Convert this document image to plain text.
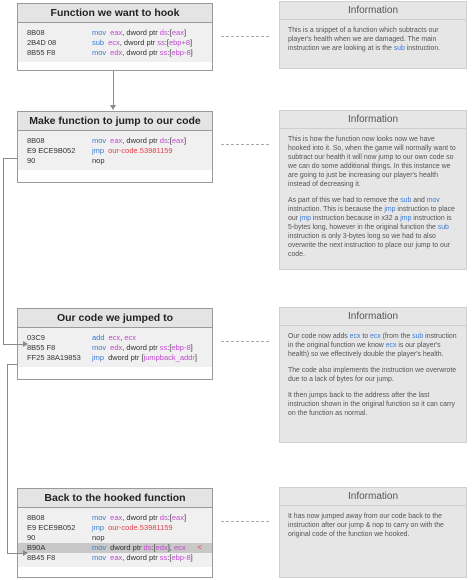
Function we want to hook
8B08	mov eax, dword ptr ds:[eax]
2B4D 08	sub ecx, dword ptr ss:[ebp+8]
8B55 F8	mov edx, dword ptr ss:[ebp-8]
Make function to jump to our code
8B08	mov eax, dword ptr ds:[eax]
E9 ECE9B052	jmp our-code.53981159
90	nop
Our code we jumped to
03C9	add ecx, ecx
8B55 F8	mov edx, dword ptr ss:[ebp-8]
FF25 38A19853	jmp dword ptr [jumpback_addr]
Back to the hooked function
8B08	mov eax, dword ptr ds:[eax]
E9 ECE9B052	jmp our-code.53981159
90	nop
B90A	mov dword ptr ds:[edx], ecx <
8B45 F8	mov eax, dword ptr ss:[ebp-8]
Information

This is a snippet of a function which subtracts our player's health when we are damaged. The main instruction we are looking at is the sub instruction.

Information

This is how the function now looks now we have hooked into it. So, when the game will normally want to subtract our health it will now jump to our own code so we can do some additional things. In this instance we are going to just be increasing our player's health instead of decreasing it.

As part of this we had to remove the sub and mov instruction. This is because the jmp instruction to place our jmp instruction because in x32 a jmp instruction is 5-bytes long, however in the original function the sub instruction is only 3-bytes long so we had to also overwrite the next instruction to place our jump to our code.

Information

Our code now adds ecx to ecx (from the sub instruction in the original function we know ecx is our player's health) so we effectively double the player's health.

The code also implements the instruction we overwrote due to a lack of bytes for our jump.

It then jumps back to the address after the last instruction shown in the original function so it can carry on the function as normal.

Information

It has now jumped away from our code back to the instruction after our jump & nop to carry on with the original code of the function we hooked.
